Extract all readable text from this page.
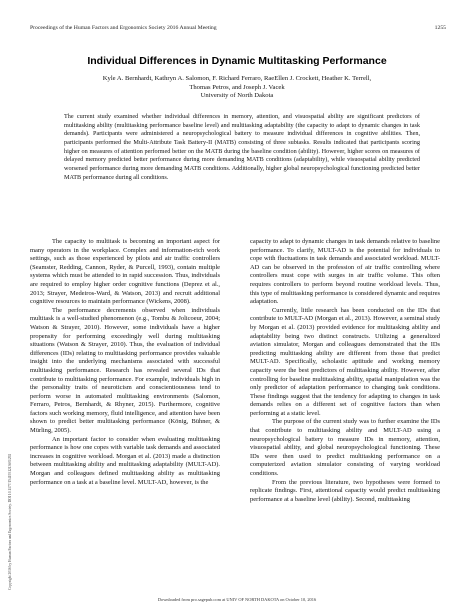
Proceedings of the Human Factors and Ergonomics Society 2016 Annual Meeting	1255
Individual Differences in Dynamic Multitasking Performance
Kyle A. Bernhardt, Kathryn A. Salomon, F. Richard Ferraro, RaeEllen J. Crockett, Heather K. Terrell,
Thomas Petros, and Joseph J. Vacek
University of North Dakota
The current study examined whether individual differences in memory, attention, and visuospatial ability are significant predictors of multitasking ability (multitasking performance baseline level) and multitasking adaptability (the capacity to adapt to dynamic changes in task demands). Participants were administered a neuropsychological battery to measure individual differences in cognitive abilities. Then, participants performed the Multi-Attribute Task Battery-II (MATB) consisting of three subtasks. Results indicated that participants scoring higher on measures of attention performed better on the MATB during the baseline condition (ability). However, higher scores on measures of delayed memory predicted better performance during more demanding MATB conditions (adaptability), while visuospatial ability predicted worsened performance during more demanding MATB conditions. Additionally, higher global neuropsychological functioning predicted better MATB performance during all conditions.

The capacity to multitask is becoming an important aspect for many operators in the workplace. Complex and information-rich work settings, such as those experienced by pilots and air traffic controllers (Seamster, Redding, Cannon, Ryder, & Purcell, 1993), contain multiple systems which must be attended to in rapid succession. Thus, individuals are required to employ higher order cognitive functions (Deprez et al., 2013; Strayer, Medeiros-Ward, & Watson, 2013) and recruit additional cognitive resources to maintain performance (Wickens, 2008).

The performance decrements observed when individuals multitask is a well-studied phenomenon (e.g., Tombu & Jolicoeur, 2004; Watson & Strayer, 2010). However, some individuals have a higher propensity for performing exceedingly well during multitasking situations (Watson & Strayer, 2010). Thus, the evaluation of individual differences (IDs) relating to multitasking performance provides valuable insight into the underlying mechanisms associated with successful multitasking performance. Research has revealed several IDs that contribute to multitasking performance. For example, individuals high in the personality traits of neuroticism and conscientiousness tend to perform worse in automated multitasking environments (Salomon, Ferraro, Petros, Bernhardt, & Rhyner, 2015). Furthermore, cognitive factors such working memory, fluid intelligence, and attention have been shown to predict better multitasking performance (König, Bühner, & Mürling, 2005).

An important factor to consider when evaluating multitasking performance is how one copes with variable task demands and associated increases in cognitive workload. Morgan et al. (2013) made a distinction between multitasking ability and multitasking adaptability (MULT-AD). Morgan and colleagues defined multitasking ability as multitasking performance on a task at a baseline level. MULT-AD, however, is the

capacity to adapt to dynamic changes in task demands relative to baseline performance. To clarify, MULT-AD is the potential for individuals to cope with fluctuations in task demands and associated workload. MULT-AD can be observed in the profession of air traffic controlling where controllers must cope with surges in air traffic volume. This often requires controllers to perform beyond routine workload levels. Thus, this type of multitasking performance is considered dynamic and requires adaptation.

Currently, little research has been conducted on the IDs that contribute to MULT-AD (Morgan et al., 2013). However, a seminal study by Morgan et al. (2013) provided evidence for multitasking ability and adaptability being two distinct constructs. Utilizing a generalized aviation simulator, Morgan and colleagues demonstrated that the IDs predicting multitasking ability are different from those that predict MULT-AD. Specifically, scholastic aptitude and working memory capacity were the best predictors of multitasking ability. However, after controlling for baseline multitasking ability, spatial manipulation was the only predictor of adaptation performance to changing task conditions. These findings suggest that the tendency for adapting to changes in task demands relies on a different set of cognitive factors than when performing at a static level.

The purpose of the current study was to further examine the IDs that contribute to multitasking ability and MULT-AD using a neuropsychological battery to measure IDs in memory, attention, visuospatial ability, and global neuropsychological functioning. These IDs were then used to predict multitasking performance on a computerized aviation simulator consisting of varying workload conditions.

From the previous literature, two hypotheses were formed to replicate findings. First, attentional capacity would predict multitasking performance at a baseline level (ability). Second, multitasking

Copyright 2016 by Human Factors and Ergonomics Society. DOI 10.1177/1541931213601292
Downloaded from pro.sagepub.com at UNIV OF NORTH DAKOTA on October 10, 2016
